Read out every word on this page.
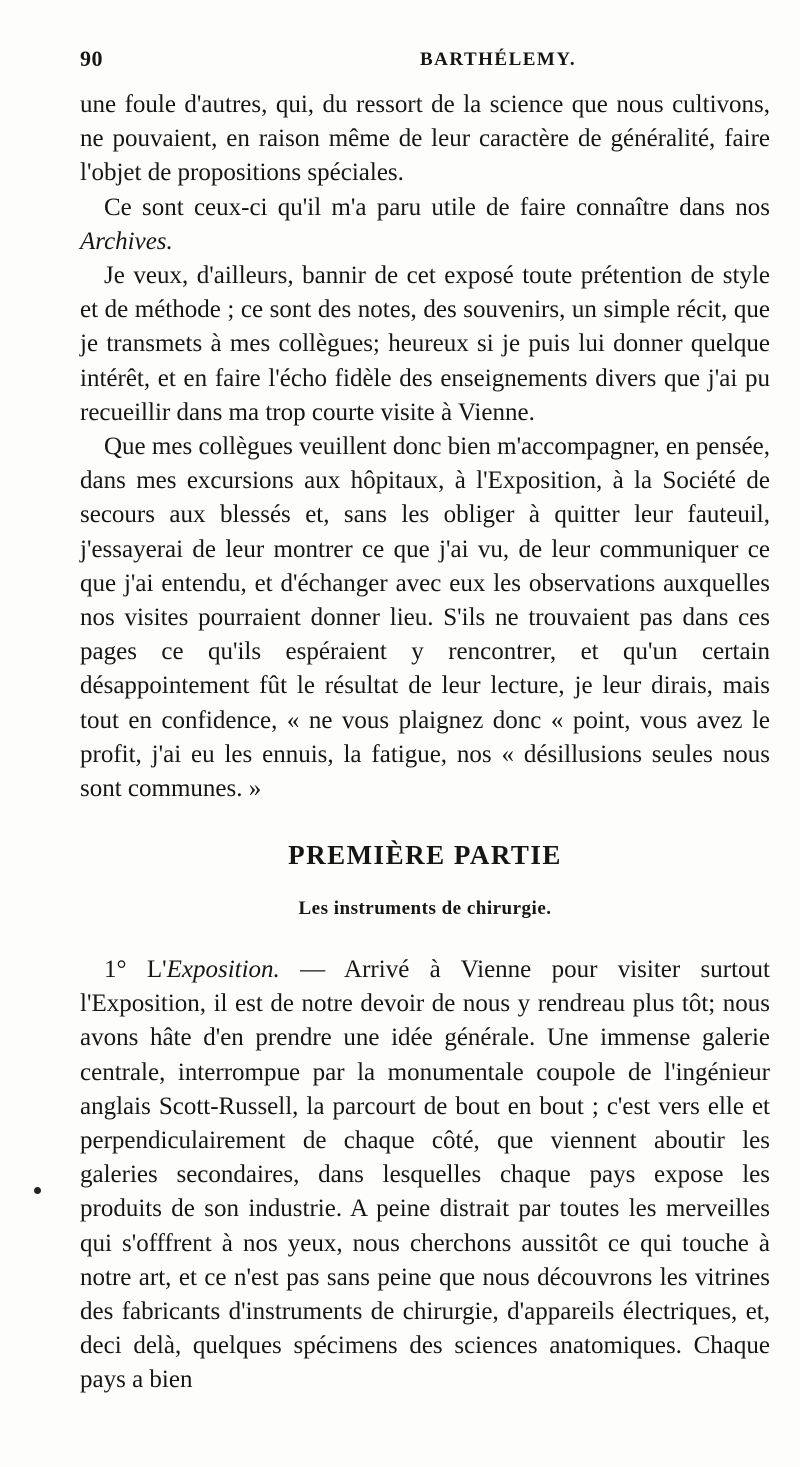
90	BARTHÉLEMY.

une foule d'autres, qui, du ressort de la science que nous cultivons, ne pouvaient, en raison même de leur caractère de généralité, faire l'objet de propositions spéciales.

Ce sont ceux-ci qu'il m'a paru utile de faire connaître dans nos Archives.

Je veux, d'ailleurs, bannir de cet exposé toute prétention de style et de méthode ; ce sont des notes, des souvenirs, un simple récit, que je transmets à mes collègues; heureux si je puis lui donner quelque intérêt, et en faire l'écho fidèle des enseignements divers que j'ai pu recueillir dans ma trop courte visite à Vienne.

Que mes collègues veuillent donc bien m'accompagner, en pensée, dans mes excursions aux hôpitaux, à l'Exposition, à la Société de secours aux blessés et, sans les obliger à quitter leur fauteuil, j'essayerai de leur montrer ce que j'ai vu, de leur communiquer ce que j'ai entendu, et d'échanger avec eux les observations auxquelles nos visites pourraient donner lieu. S'ils ne trouvaient pas dans ces pages ce qu'ils espéraient y rencontrer, et qu'un certain désappointement fût le résultat de leur lecture, je leur dirais, mais tout en confidence, « ne vous plaignez donc « point, vous avez le profit, j'ai eu les ennuis, la fatigue, nos « désillusions seules nous sont communes. »

PREMIÈRE PARTIE
Les instruments de chirurgie.

1° L'Exposition. — Arrivé à Vienne pour visiter surtout l'Exposition, il est de notre devoir de nous y rendreau plus tôt; nous avons hâte d'en prendre une idée générale. Une immense galerie centrale, interrompue par la monumentale coupole de l'ingénieur anglais Scott-Russell, la parcourt de bout en bout ; c'est vers elle et perpendiculairement de chaque côté, que viennent aboutir les galeries secondaires, dans lesquelles chaque pays expose les produits de son industrie. A peine distrait par toutes les merveilles qui s'offfrent à nos yeux, nous cherchons aussitôt ce qui touche à notre art, et ce n'est pas sans peine que nous découvrons les vitrines des fabricants d'instruments de chirurgie, d'appareils électriques, et, deci delà, quelques spécimens des sciences anatomiques. Chaque pays a bien
